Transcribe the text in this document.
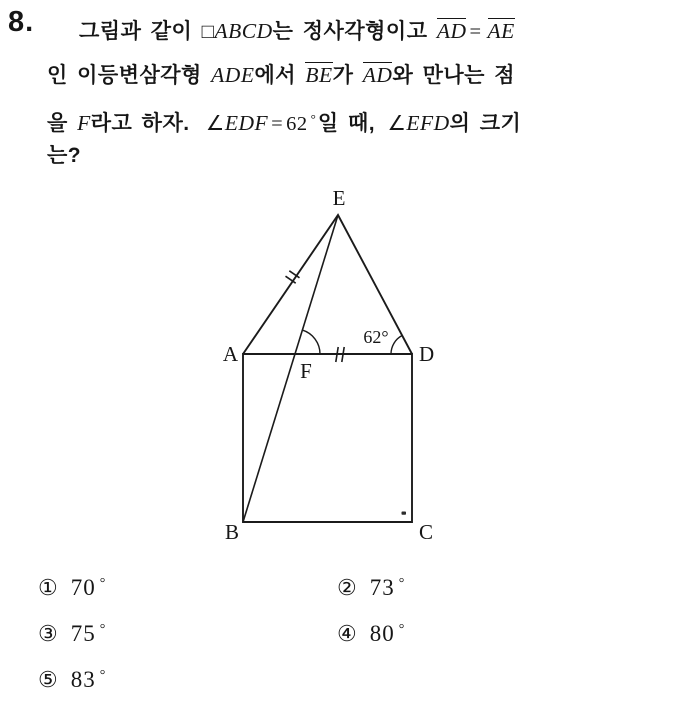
8.	그림과 같이 □ABCD는 정사각형이고 AD = AE
인 이등변삼각형 ADE에서 BE가 AD와 만나는 점
을 F라고 하자. ∠EDF = 62 °일 때, ∠EFD의 크기
는?
E
A	D
B	C
F
62°
① 70 °	② 73 °
③ 75 °	④ 80 °
⑤ 83 °
